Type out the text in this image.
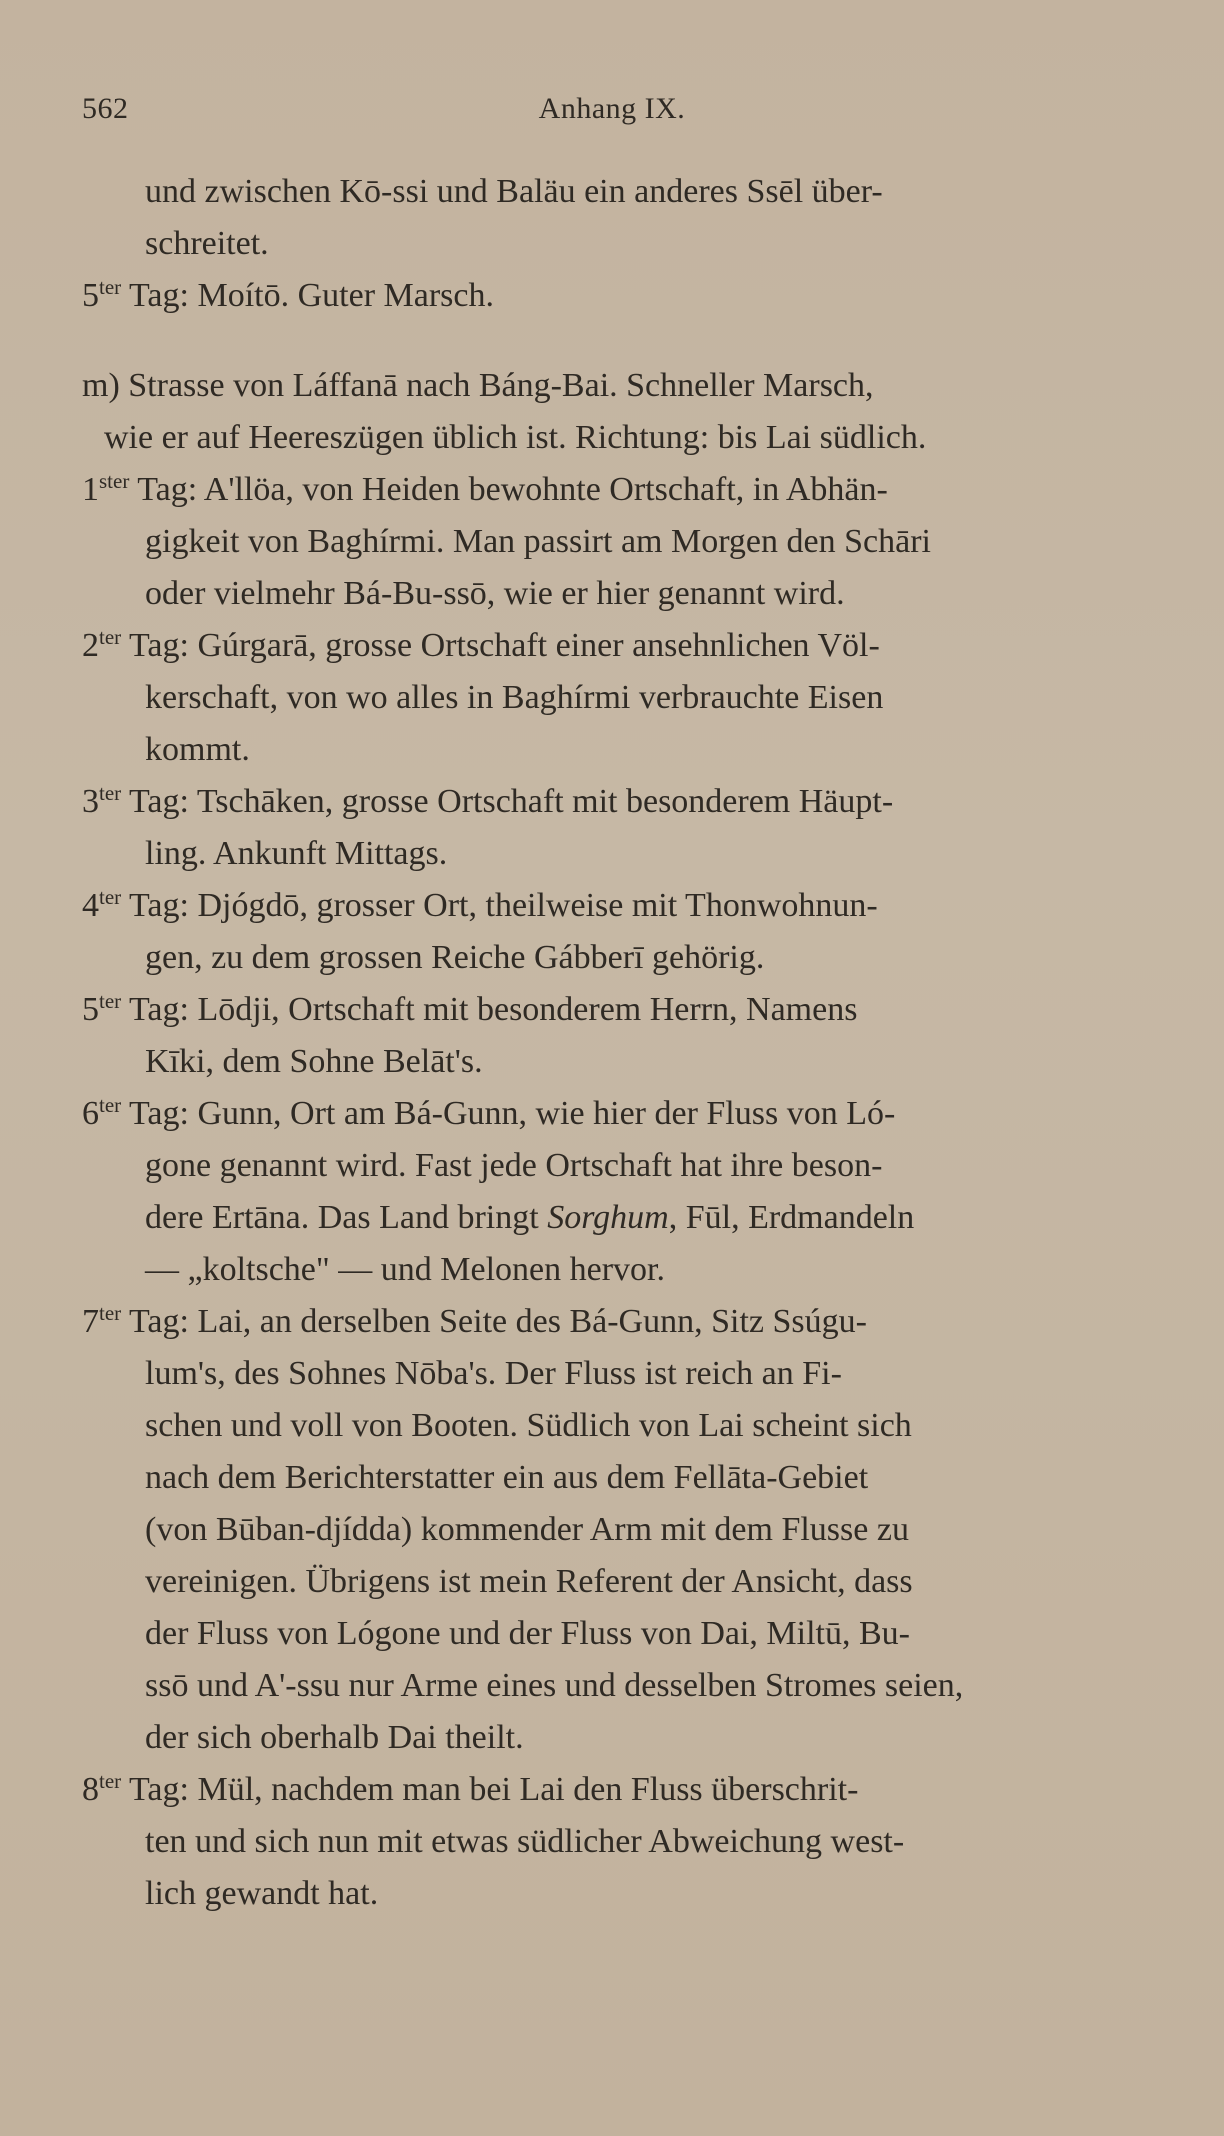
562	Anhang IX.
und zwischen Kō-ssi und Baläu ein anderes Ssēl über-
schreitet.
$5^{ter}$ Tag: Moítō. Guter Marsch.
m) Strasse von Láffanā nach Báng-Bai. Schneller Marsch,
wie er auf Heereszügen üblich ist. Richtung: bis Lai südlich.
$1^{ster}$ Tag: A'llöa, von Heiden bewohnte Ortschaft, in Abhän-
gigkeit von Baghírmi. Man passirt am Morgen den Schāri
oder vielmehr Bá-Bu-ssō, wie er hier genannt wird.
$2^{ter}$ Tag: Gúrgarā, grosse Ortschaft einer ansehnlichen Völ-
kerschaft, von wo alles in Baghírmi verbrauchte Eisen
kommt.
$3^{ter}$ Tag: Tschāken, grosse Ortschaft mit besonderem Häupt-
ling. Ankunft Mittags.
$4^{ter}$ Tag: Djógdō, grosser Ort, theilweise mit Thonwohnun-
gen, zu dem grossen Reiche Gábberī gehörig.
$5^{ter}$ Tag: Lōdji, Ortschaft mit besonderem Herrn, Namens
Kīki, dem Sohne Belāt's.
$6^{ter}$ Tag: Gunn, Ort am Bá-Gunn, wie hier der Fluss von Ló-
gone genannt wird. Fast jede Ortschaft hat ihre beson-
dere Ertāna. Das Land bringt Sorghum, Fūl, Erdmandeln
— „koltsche" — und Melonen hervor.
$7^{ter}$ Tag: Lai, an derselben Seite des Bá-Gunn, Sitz Ssúgu-
lum's, des Sohnes Nōba's. Der Fluss ist reich an Fi-
schen und voll von Booten. Südlich von Lai scheint sich
nach dem Berichterstatter ein aus dem Fellāta-Gebiet
(von Būban-djídda) kommender Arm mit dem Flusse zu
vereinigen. Übrigens ist mein Referent der Ansicht, dass
der Fluss von Lógone und der Fluss von Dai, Miltū, Bu-
ssō und A'-ssu nur Arme eines und desselben Stromes seien,
der sich oberhalb Dai theilt.
$8^{ter}$ Tag: Mül, nachdem man bei Lai den Fluss überschrit-
ten und sich nun mit etwas südlicher Abweichung west-
lich gewandt hat.
